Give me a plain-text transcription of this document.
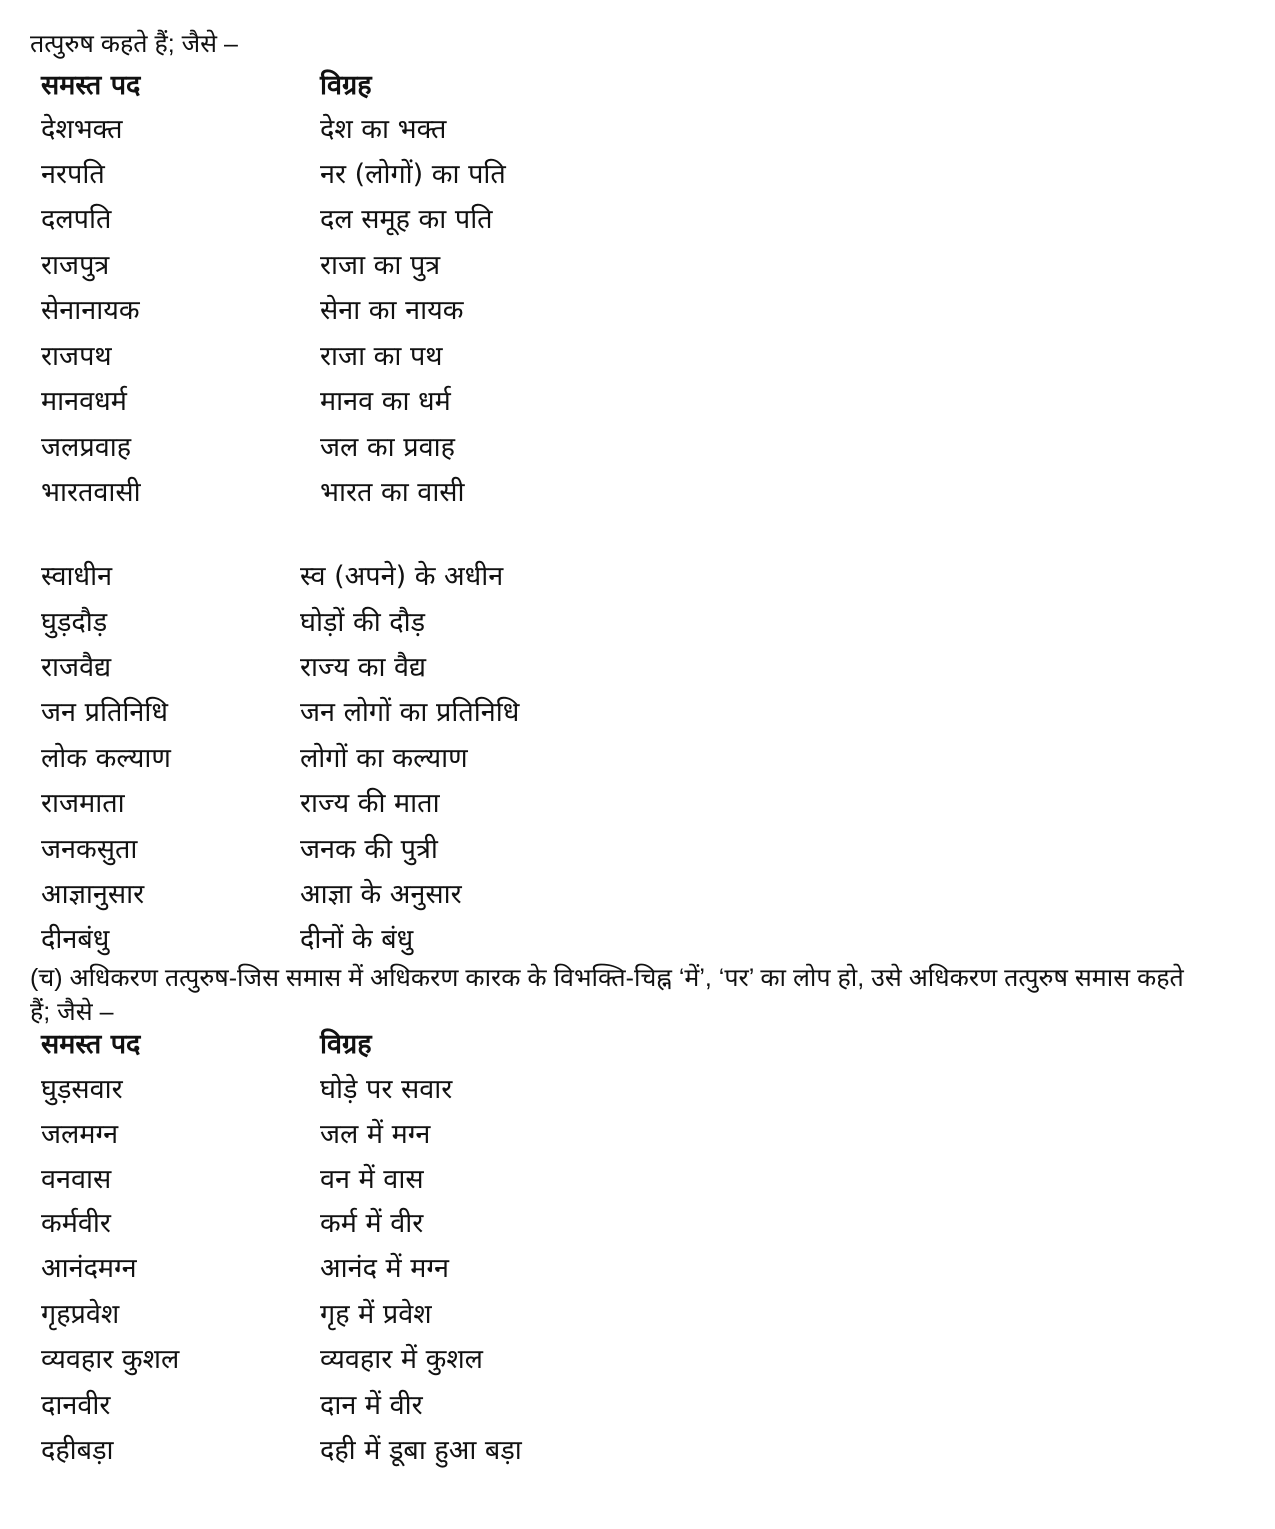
तत्पुरुष कहते हैं; जैसे –
समस्त पद	विग्रह
देशभक्त	देश का भक्त
नरपति	नर (लोगों) का पति
दलपति	दल समूह का पति
राजपुत्र	राजा का पुत्र
सेनानायक	सेना का नायक
राजपथ	राजा का पथ
मानवधर्म	मानव का धर्म
जलप्रवाह	जल का प्रवाह
भारतवासी	भारत का वासी
स्वाधीन	स्व (अपने) के अधीन
घुड़दौड़	घोड़ों की दौड़
राजवैद्य	राज्य का वैद्य
जन प्रतिनिधि	जन लोगों का प्रतिनिधि
लोक कल्याण	लोगों का कल्याण
राजमाता	राज्य की माता
जनकसुता	जनक की पुत्री
आज्ञानुसार	आज्ञा के अनुसार
दीनबंधु	दीनों के बंधु
(च) अधिकरण तत्पुरुष-जिस समास में अधिकरण कारक के विभक्ति-चिह्न ‘में’, ‘पर’ का लोप हो, उसे अधिकरण तत्पुरुष समास कहते
हैं; जैसे –
समस्त पद	विग्रह
घुड़सवार	घोड़े पर सवार
जलमग्न	जल में मग्न
वनवास	वन में वास
कर्मवीर	कर्म में वीर
आनंदमग्न	आनंद में मग्न
गृहप्रवेश	गृह में प्रवेश
व्यवहार कुशल	व्यवहार में कुशल
दानवीर	दान में वीर
दहीबड़ा	दही में डूबा हुआ बड़ा
